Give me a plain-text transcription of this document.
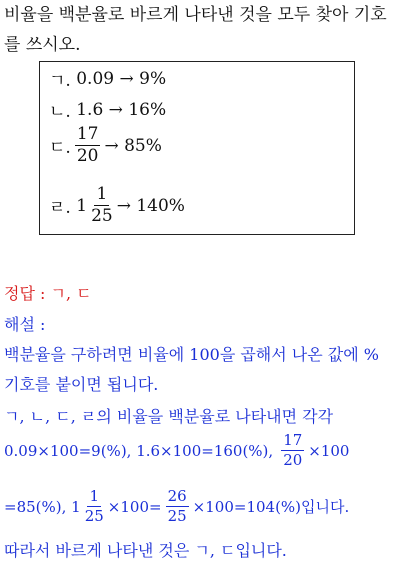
비율을 백분율로 바르게 나타낸 것을 모두 찾아 기호
를 쓰시오.
ㄱ.
0.09 → 9%
ㄴ.
1.6 → 16%
ㄷ. $\frac{17}{20} \to 85\%$
ㄹ.
$1 \frac{1}{25} \to 140\%$
정답 :
ㄱ, ㄷ
해설 :
백분율을 구하려면 비율에 100을 곱해서 나온 값에 %
기호를 붙이면 됩니다.
ㄱ, ㄴ, ㄷ, ㄹ의 비율을 백분율로 나타내면 각각
0.09×100=9(%), 1.6×100=160(%), $\frac{17}{20} \times 100$
=85(%), $1 \frac{1}{25} \times 100= \frac{26}{25} \times 100=104(\%)$입니다.
따라서 바르게 나타낸 것은 ㄱ, ㄷ입니다.
